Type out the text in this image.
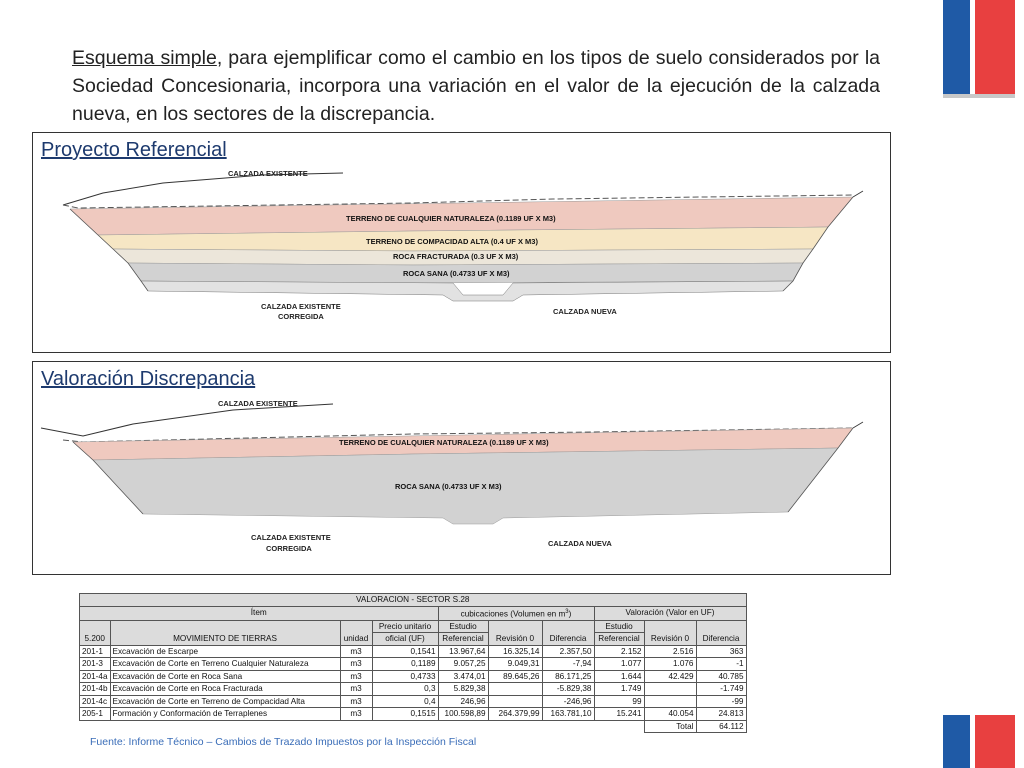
Esquema simple, para ejemplificar como el cambio en los tipos de suelo considerados por la Sociedad Concesionaria, incorpora una variación en el valor de la ejecución de la calzada nueva, en los sectores de la discrepancia.
CALZADA EXISTENTE
TERRENO DE CUALQUIER NATURALEZA (0.1189 UF X M3)
TERRENO DE COMPACIDAD ALTA (0.4 UF X M3)
ROCA FRACTURADA (0.3 UF X M3)
ROCA SANA (0.4733 UF X M3)
CALZADA EXISTENTE
CORREGIDA
CALZADA NUEVA
Proyecto Referencial
CALZADA EXISTENTE
TERRENO DE CUALQUIER NATURALEZA (0.1189 UF X M3)
ROCA SANA (0.4733 UF X M3)
CALZADA EXISTENTE
CORREGIDA
CALZADA NUEVA
Valoración Discrepancia
VALORACION - SECTOR S.28									
Ítem				cubicaciones (Volumen en $m^3$)			Valoración (Valor en UF)		
5.200	MOVIMIENTO DE TIERRAS	unidad	Precio unitario	Estudio	Revisión 0	Diferencia	Estudio	Revisión 0	Diferencia
			oficial (UF)	Referencial			Referencial		
201-1	Excavación de Escarpe	m3	0,1541	13.967,64	16.325,14	2.357,50	2.152	2.516	363
201-3	Excavación de Corte en Terreno Cualquier Naturaleza	m3	0,1189	9.057,25	9.049,31	-7,94	1.077	1.076	-1
201-4a	Excavación de Corte en Roca Sana	m3	0,4733	3.474,01	89.645,26	86.171,25	1.644	42.429	40.785
201-4b	Excavación de Corte en Roca Fracturada	m3	0,3	5.829,38		-5.829,38	1.749		-1.749
201-4c	Excavación de Corte en Terreno de Compacidad Alta	m3	0,4	246,96		-246,96	99		-99
205-1	Formación y Conformación de Terraplenes	m3	0,1515	100.598,89	264.379,99	163.781,10	15.241	40.054	24.813
								Total	64.112
Fuente: Informe Técnico – Cambios de Trazado Impuestos por la Inspección Fiscal
